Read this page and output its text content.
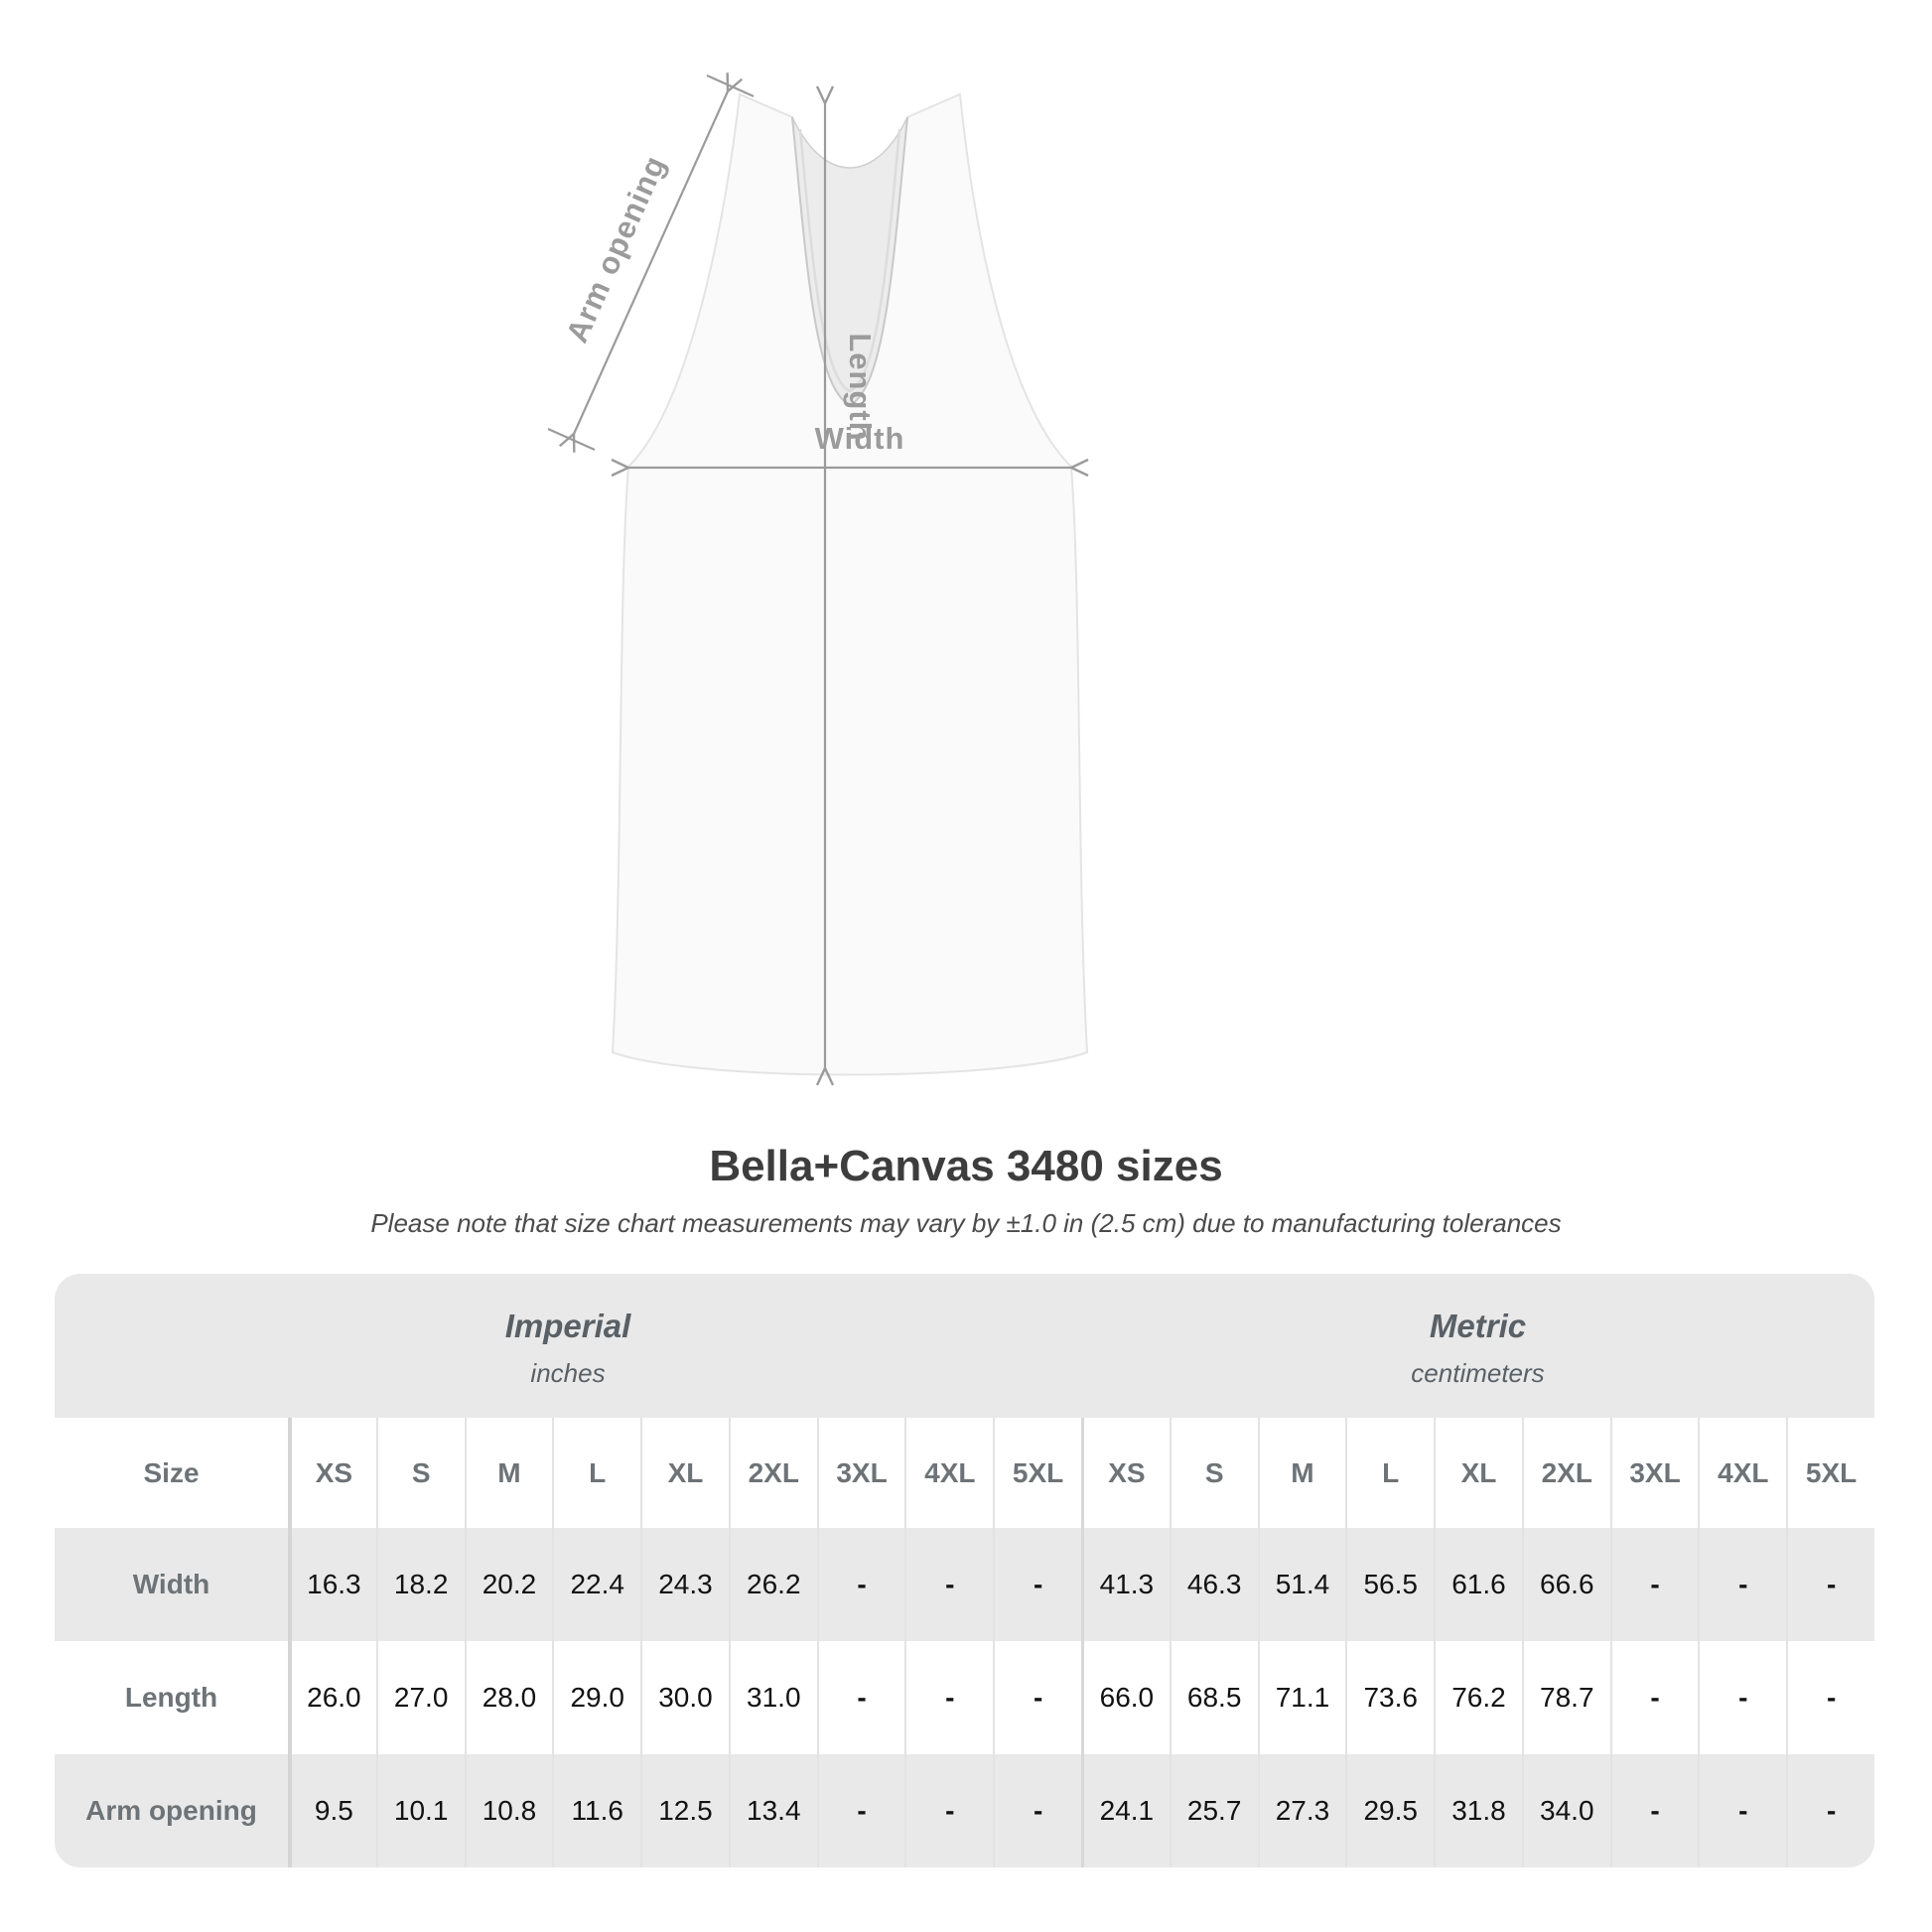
Arm opening
Length
Width
Bella+Canvas 3480 sizes
Please note that size chart measurements may vary by ±1.0 in (2.5 cm) due to manufacturing tolerances
Imperial
inches
Metric
centimeters
Size	XS	S	M	L	XL	2XL	3XL	4XL	5XL	XS	S	M	L	XL	2XL	3XL	4XL	5XL
Width	16.3	18.2	20.2	22.4	24.3	26.2	-	-	-	41.3	46.3	51.4	56.5	61.6	66.6	-	-	-
Length	26.0	27.0	28.0	29.0	30.0	31.0	-	-	-	66.0	68.5	71.1	73.6	76.2	78.7	-	-	-
Arm opening	9.5	10.1	10.8	11.6	12.5	13.4	-	-	-	24.1	25.7	27.3	29.5	31.8	34.0	-	-	-
